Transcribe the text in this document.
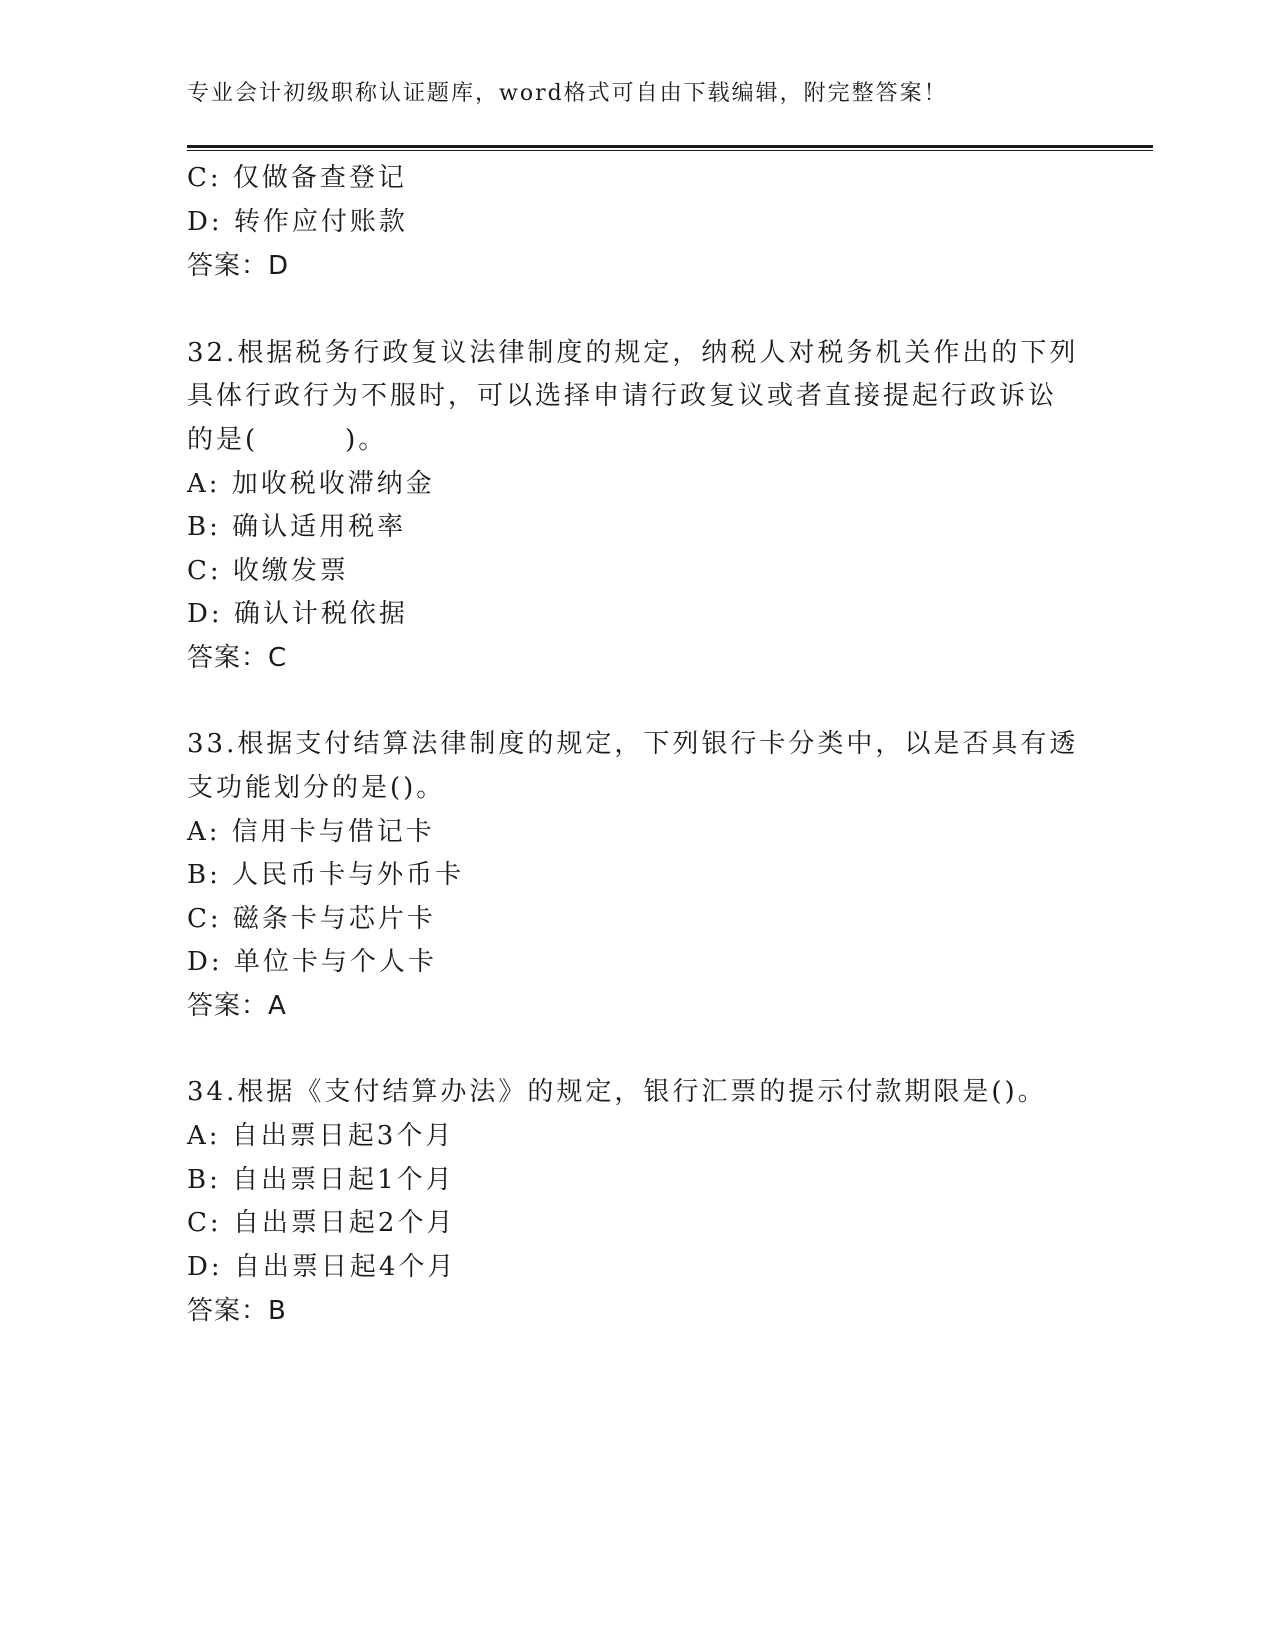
专业会计初级职称认证题库，word格式可自由下载编辑，附完整答案！
C: 仅做备查登记
D: 转作应付账款
答案：D
32.根据税务行政复议法律制度的规定，纳税人对税务机关作出的下列
具体行政行为不服时，可以选择申请行政复议或者直接提起行政诉讼
的是(　　　)。
A: 加收税收滞纳金
B: 确认适用税率
C: 收缴发票
D: 确认计税依据
答案：C
33.根据支付结算法律制度的规定，下列银行卡分类中，以是否具有透
支功能划分的是()。
A: 信用卡与借记卡
B: 人民币卡与外币卡
C: 磁条卡与芯片卡
D: 单位卡与个人卡
答案：A
34.根据《支付结算办法》的规定，银行汇票的提示付款期限是()。
A: 自出票日起3个月
B: 自出票日起1个月
C: 自出票日起2个月
D: 自出票日起4个月
答案：B
